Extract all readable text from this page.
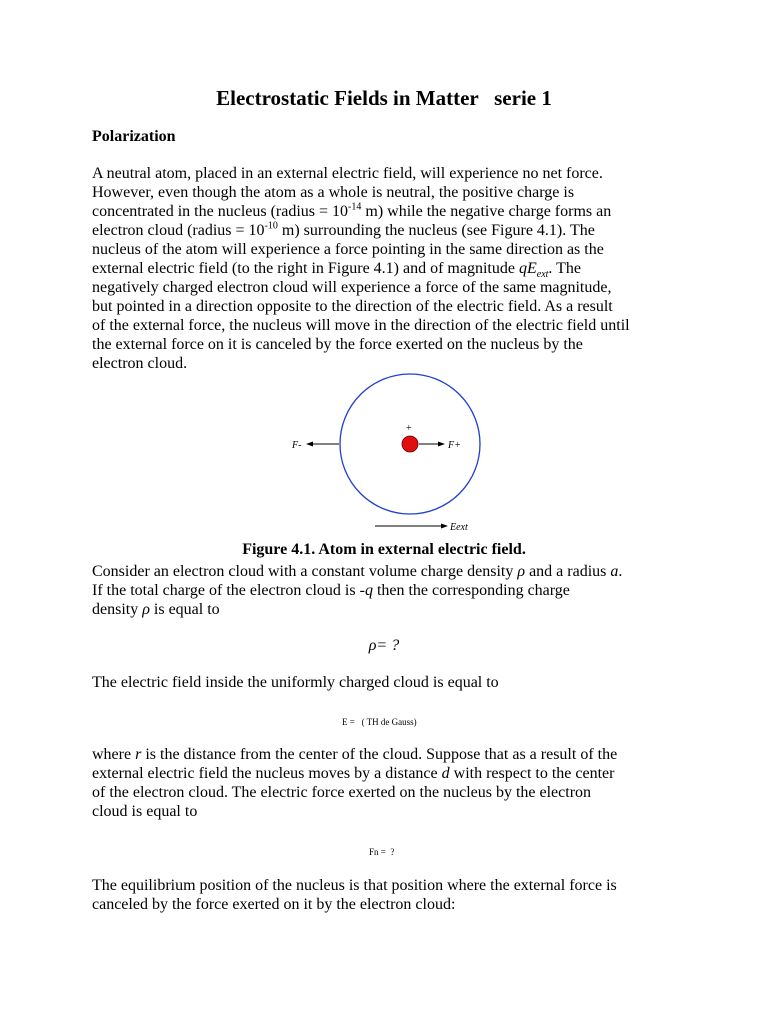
Electrostatic Fields in Matter   serie 1
Polarization
A neutral atom, placed in an external electric field, will experience no net force.
However, even though the atom as a whole is neutral, the positive charge is
concentrated in the nucleus (radius = $10^{-14}$ m) while the negative charge forms an
electron cloud (radius = $10^{-10}$ m) surrounding the nucleus (see Figure 4.1). The
nucleus of the atom will experience a force pointing in the same direction as the
external electric field (to the right in Figure 4.1) and of magnitude $qE_{ext}$. The
negatively charged electron cloud will experience a force of the same magnitude,
but pointed in a direction opposite to the direction of the electric field. As a result
of the external force, the nucleus will move in the direction of the electric field until
the external force on it is canceled by the force exerted on the nucleus by the
electron cloud.
F-
+
F+
Eext
Figure 4.1. Atom in external electric field.
Consider an electron cloud with a constant volume charge density ρ and a radius a.
If the total charge of the electron cloud is -q then the corresponding charge
density ρ is equal to
ρ= ?
The electric field inside the uniformly charged cloud is equal to
E =   ( TH de Gauss)
where r is the distance from the center of the cloud. Suppose that as a result of the
external electric field the nucleus moves by a distance d with respect to the center
of the electron cloud. The electric force exerted on the nucleus by the electron
cloud is equal to
Fn =  ?
The equilibrium position of the nucleus is that position where the external force is
canceled by the force exerted on it by the electron cloud:
